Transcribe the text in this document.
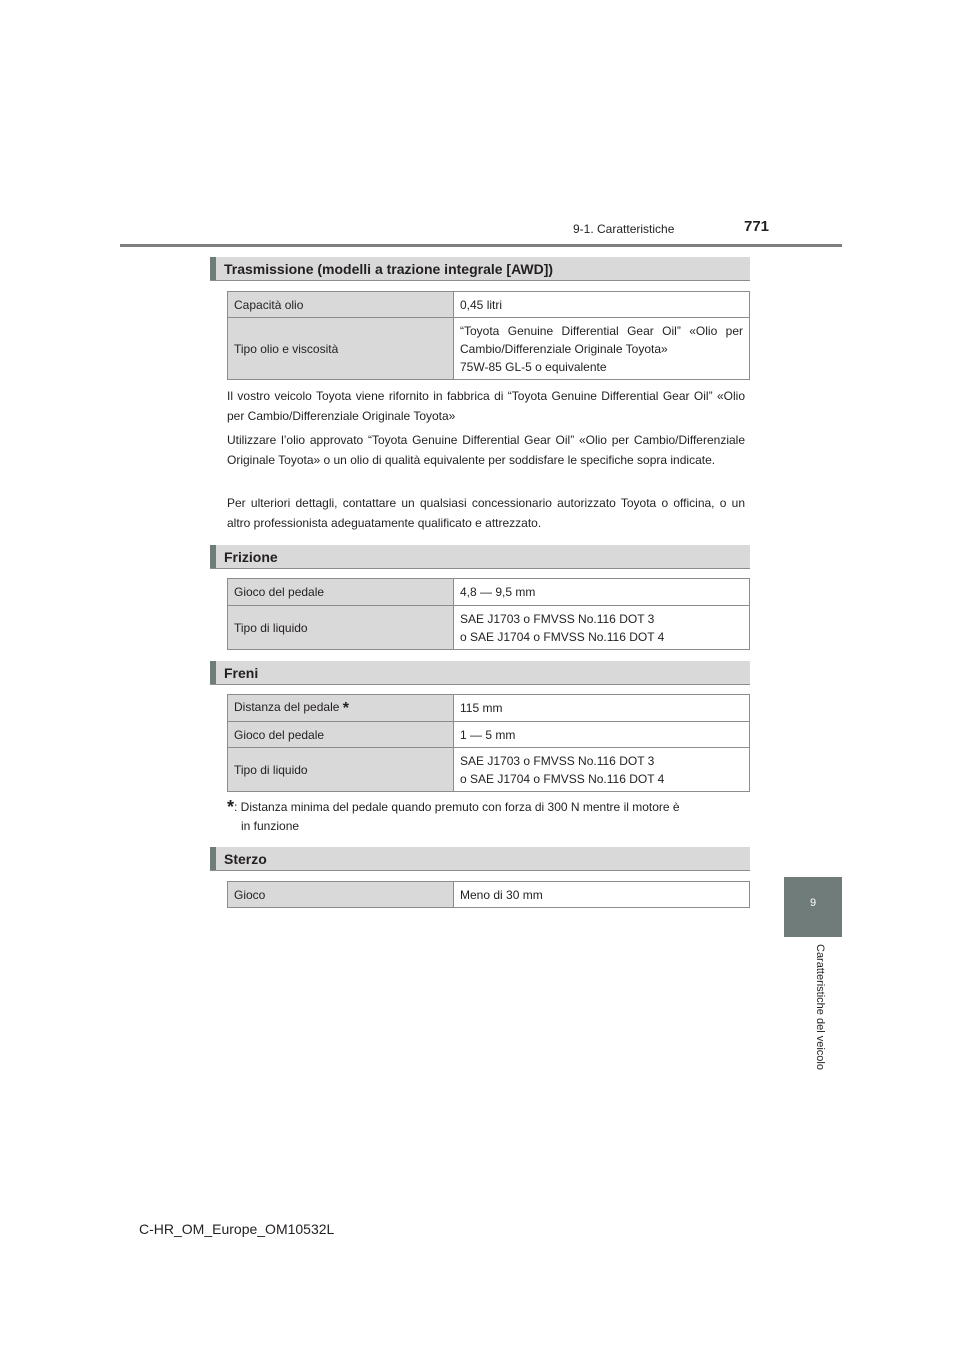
9-1. Caratteristiche	771
9
Caratteristiche del veicolo
Trasmissione (modelli a trazione integrale [AWD])
Capacità olio	0,45 litri
Tipo olio e viscosità	“Toyota Genuine Differential Gear Oil” «Olio per Cambio/Differenziale Originale Toyota»
75W-85 GL-5 o equivalente
Il vostro veicolo Toyota viene rifornito in fabbrica di “Toyota Genuine Differential Gear Oil” «Olio per Cambio/Differenziale Originale Toyota»
Utilizzare l’olio approvato “Toyota Genuine Differential Gear Oil” «Olio per Cambio/Differenziale Originale Toyota» o un olio di qualità equivalente per soddisfare le specifiche sopra indicate.
Per ulteriori dettagli, contattare un qualsiasi concessionario autorizzato Toyota o officina, o un altro professionista adeguatamente qualificato e attrezzato.
Frizione
Gioco del pedale	4,8 — 9,5 mm
Tipo di liquido	SAE J1703 o FMVSS No.116 DOT 3
o SAE J1704 o FMVSS No.116 DOT 4
Freni
Distanza del pedale *	115 mm
Gioco del pedale	1 — 5 mm
Tipo di liquido	SAE J1703 o FMVSS No.116 DOT 3
o SAE J1704 o FMVSS No.116 DOT 4
*: Distanza minima del pedale quando premuto con forza di 300 N mentre il motore è
in funzione
Sterzo
Gioco	Meno di 30 mm
C-HR_OM_Europe_OM10532L
